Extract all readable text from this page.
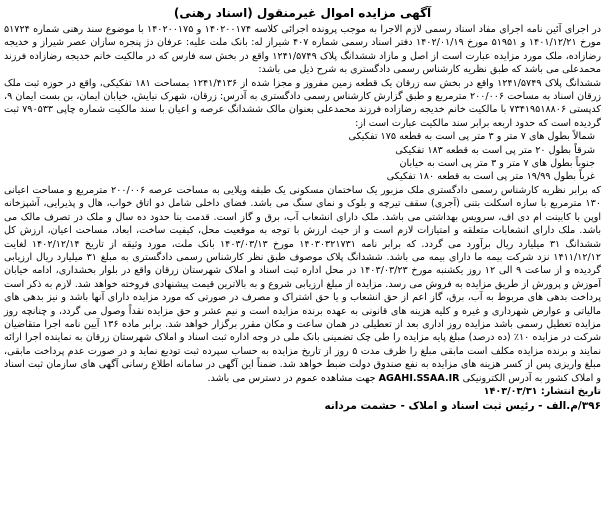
آگهی مزایده اموال غیرمنقول (اسناد رهنی)

در اجرای آئین نامه اجرای مفاد اسناد رسمی لازم الاجرا به موجب پرونده اجرائی کلاسه ۱۴۰۲۰۰۱۷۴ و ۱۴۰۲۰۰۱۷۵ با موضوع سند رهنی شماره ۵۱۷۲۴ مورخ ۱۴۰۱/۱۲/۲۱ و ۵۱۹۵۱ مورخ ۱۴۰۲/۰۱/۱۹ دفتر اسناد رسمی شماره ۴۰۷ شیراز له: بانک ملت علیه: عرفان دژ پنجره سازان عصر شیراز و خدیجه رضازاده، ملک مورد مزایده عبارت است از اصل و مازاد ششدانگ پلاک ۱۲۴۱/۵۷۴۹ واقع در بخش سه فارس که در مالکیت خانم خدیجه رضازاده فرزند محمدعلی می باشد که طبق نظریه کارشناس رسمی دادگستری به شرح ذیل می باشد:

ششدانگ پلاک ۱۲۴۱/۵۷۴۹ واقع در بخش سه زرقان یک قطعه زمین مفروز و مجزا شده از ۱۲۴۱/۴۱۳۶ بمساحت ۱۸۱ تفکیکی، واقع در حوزه ثبت ملک زرقان اسناد به مساحت ۲۰۰/۰۰۶ مترمربع و طبق گزارش کارشناس رسمی دادگستری به آدرس: زرقان، شهرک نیایش، خیابان ایمان، بن بست ایمان ۹، کدپستی ۷۳۴۱۹۵۱۸۸۰۶ با مالکیت خانم خدیجه رضازاده فرزند محمدعلی بعنوان مالک ششدانگ عرصه و اعیان با سند مالکیت شماره چاپی ۷۹۰۵۳۳ ثبت گردیده است که حدود اربعه برابر سند مالکیت عبارت است از:

شمالاً بطول های ۷ متر و ۳ متر پی است به قطعه ۱۷۵ تفکیکی

شرقاً بطول ۲۰ متر پی است به قطعه ۱۸۳ تفکیکی

جنوباً بطول های ۷ متر و ۳ متر پی است به خیابان

غرباً بطول ۱۹/۹۹ متر پی است به قطعه ۱۸۰ تفکیکی

که برابر نظریه کارشناس رسمی دادگستری ملک مزبور یک ساختمان مسکونی یک طبقه ویلایی به مساحت عرصه ۲۰۰/۰۰۶ مترمربع و مساحت اعیانی ۱۳۰ مترمربع با سازه اسکلت بتنی (آجری) سقف تیرچه و بلوک و نمای سنگ می باشد. فضای داخلی شامل دو اتاق خواب، هال و پذیرایی، آشپزخانه اوپن با کابینت ام دی اف، سرویس بهداشتی می باشد. ملک دارای انشعاب آب، برق و گاز است. قدمت بنا حدود ده سال و ملک در تصرف مالک می باشد. ملک دارای انشعابات متعلقه و امتیازات لازم است و از حیث ارزش با توجه به موقعیت محل، کیفیت ساخت، ابعاد، مساحت اعیان، ارزش کل ششدانگ ۳۱ میلیارد ریال برآورد می گردد. که برابر نامه ۱۴۰۳۰۳۲۱۷۳۱ مورخ ۱۴۰۳/۰۳/۱۳ بانک ملت، مورد وثیقه از تاریخ ۱۴۰۲/۱۲/۱۴ لغایت ۱۴۱۱/۱۲/۱۲ نزد شرکت بیمه ما دارای بیمه می باشد. ششدانگ پلاک موصوف طبق نظر کارشناس رسمی دادگستری به مبلغ ۳۱ میلیارد ریال ارزیابی گردیده و از ساعت ۹ الی ۱۲ روز یکشنبه مورخ ۱۴۰۳/۰۳/۲۳ در محل اداره ثبت اسناد و املاک شهرستان زرقان واقع در بلوار بخشداری، ادامه خیابان آموزش و پرورش از طریق مزایده به فروش می رسد. مزایده از مبلغ ارزیابی شروع و به بالاترین قیمت پیشنهادی فروخته خواهد شد. لازم به ذکر است پرداخت بدهی های مربوط به آب، برق، گاز اعم از حق انشعاب و یا حق اشتراک و مصرف در صورتی که مورد مزایده دارای آنها باشد و نیز بدهی های مالیاتی و عوارض شهرداری و غیره و کلیه هزینه های قانونی به عهده برنده مزایده است و نیم عشر و حق مزایده نقداً وصول می گردد، و چنانچه روز مزایده تعطیل رسمی باشد مزایده روز اداری بعد از تعطیلی در همان ساعت و مکان مقرر برگزار خواهد شد. برابر ماده ۱۳۶ آیین نامه اجرا متقاضیان شرکت در مزایده ۱۰٪ (ده درصد) مبلغ پایه مزایده را طی چک تضمینی بانک ملی در وجه اداره ثبت اسناد و املاک شهرستان زرقان به نماینده اجرا ارائه نمایند و برنده مزایده مکلف است مابقی مبلغ را ظرف مدت ۵ روز از تاریخ مزایده به حساب سپرده ثبت تودیع نماید و در صورت عدم پرداخت مابقی، مبلغ واریزی پس از کسر هزینه های مزایده به نفع صندوق دولت ضبط خواهد شد. ضمناً این آگهی در سامانه اطلاع رسانی آگهی های سازمان ثبت اسناد و املاک کشور به آدرس الکترونیکی AGAHI.SSAA.IR جهت مشاهده عموم در دسترس می باشد.

تاریخ انتشار: ۱۴۰۳/۰۳/۳۱

۳۹۶/م.الف - رئیس ثبت اسناد و املاک - حشمت مردانه
